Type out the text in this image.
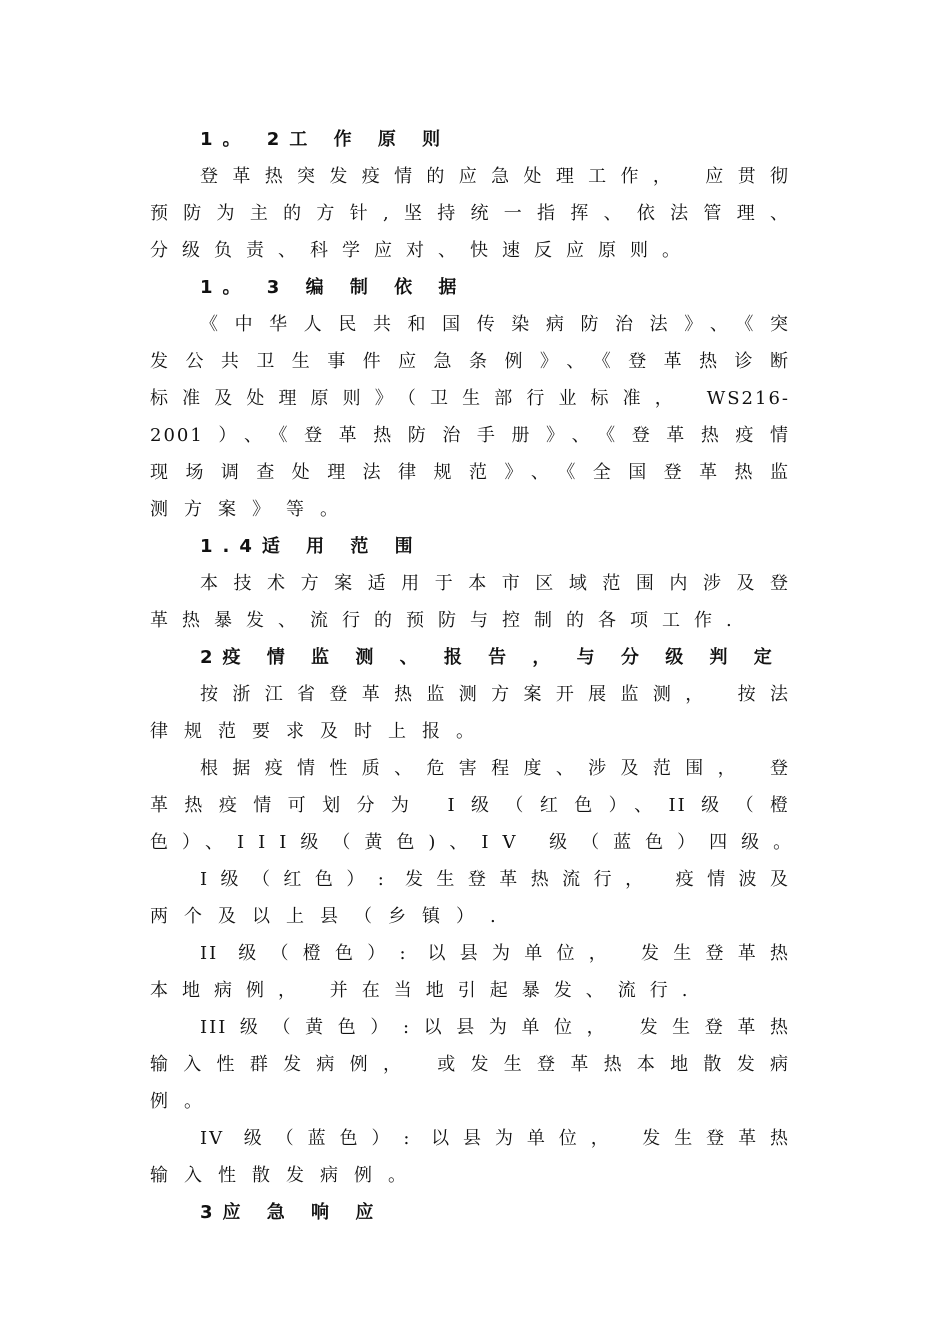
1。 2工 作 原 则
登革热突发疫情的应急处理工作， 应贯彻
预防为主的方针,坚持统一指挥、依法管理、
分级负责、科学应对、快速反应原则。
1。 3 编 制 依 据
《中华人民共和国传染病防治法》、《突
发公共卫生事件应急条例》、《登革热诊断
标准及处理原则》（卫生部行业标准， WS216-
2001）、《登革热防治手册》、《登革热疫情
现场调查处理法律规范》、《全国登革热监
测方案》等。
1.4适 用 范 围
本技术方案适用于本市区域范围内涉及登
革热暴发、流行的预防与控制的各项工作.
2疫 情 监 测 、 报 告 ， 与 分 级 判 定
按浙江省登革热监测方案开展监测， 按法
律规范要求及时上报。
根据疫情性质、危害程度、涉及范围， 登
革热疫情可划分为 I级（红色）、II级（橙
色）、III级（黄色)、IV 级（蓝色）四级。
I级（红色）: 发生登革热流行， 疫情波及
两个及以上县（乡镇）.
II 级（橙色）: 以县为单位， 发生登革热
本地病例， 并在当地引起暴发、流行.
III级（黄色）:以县为单位， 发生登革热
输入性群发病例， 或发生登革热本地散发病
例。
IV 级（蓝色）: 以县为单位， 发生登革热
输入性散发病例。
3应 急 响 应
